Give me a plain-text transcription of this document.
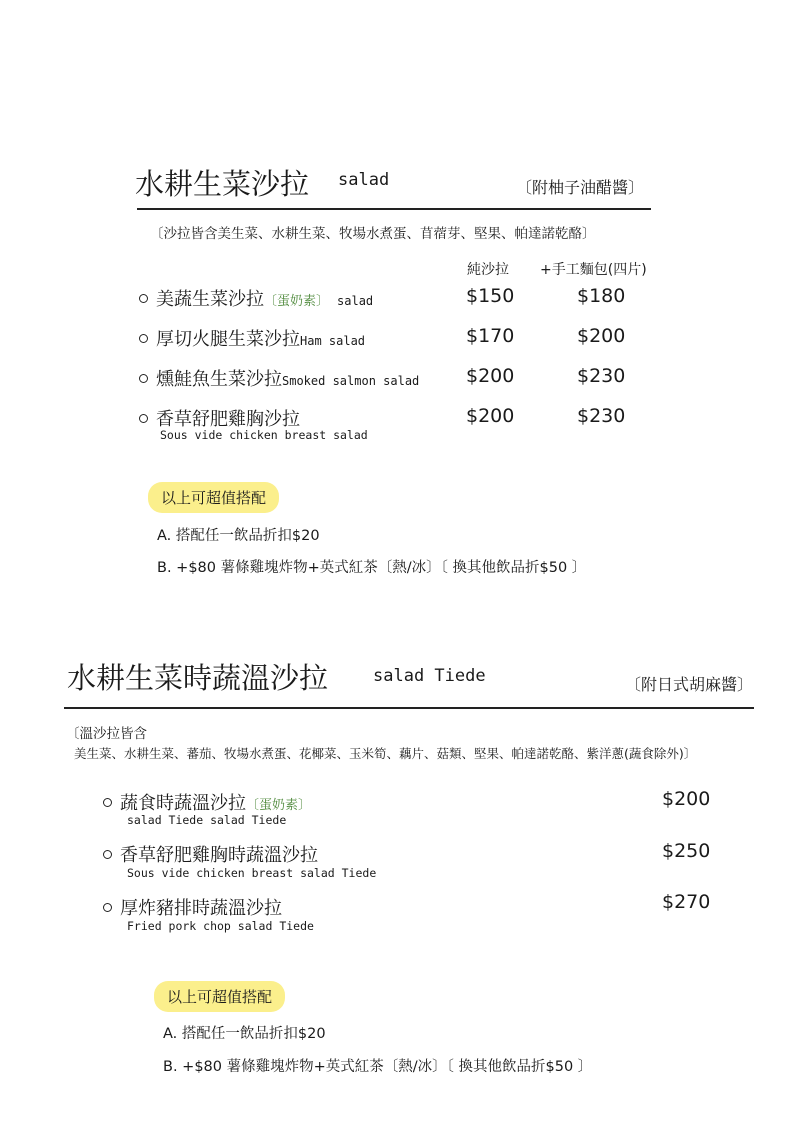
水耕生菜沙拉 salad	〔附柚子油醋醬〕
〔沙拉皆含美生菜、水耕生菜、牧場水煮蛋、苜蓿芽、堅果、帕達諾乾酪〕
純沙拉 +手工麵包(四片)
美蔬生菜沙拉〔蛋奶素〕 salad	$150	$180
厚切火腿生菜沙拉Ham salad	$170	$200
燻鮭魚生菜沙拉Smoked salmon salad $200	$230
香草舒肥雞胸沙拉
Sous vide chicken breast salad
$200	$230
以上可超值搭配
A. 搭配任一飲品折扣$20
B. +$80 薯條雞塊炸物+英式紅茶〔熱/冰〕〔 換其他飲品折$50 〕
水耕生菜時蔬溫沙拉	salad Tiede	〔附日式胡麻醬〕
〔溫沙拉皆含
美生菜、水耕生菜、蕃茄、牧場水煮蛋、花椰菜、玉米筍、藕片、菇類、堅果、帕達諾乾酪、紫洋蔥(蔬食除外)〕
蔬食時蔬溫沙拉〔蛋奶素〕
salad Tiede salad Tiede
$200
香草舒肥雞胸時蔬溫沙拉
Sous vide chicken breast salad Tiede
$250
厚炸豬排時蔬溫沙拉
Fried pork chop salad Tiede
$270
以上可超值搭配
A. 搭配任一飲品折扣$20
B. +$80 薯條雞塊炸物+英式紅茶〔熱/冰〕〔 換其他飲品折$50 〕
